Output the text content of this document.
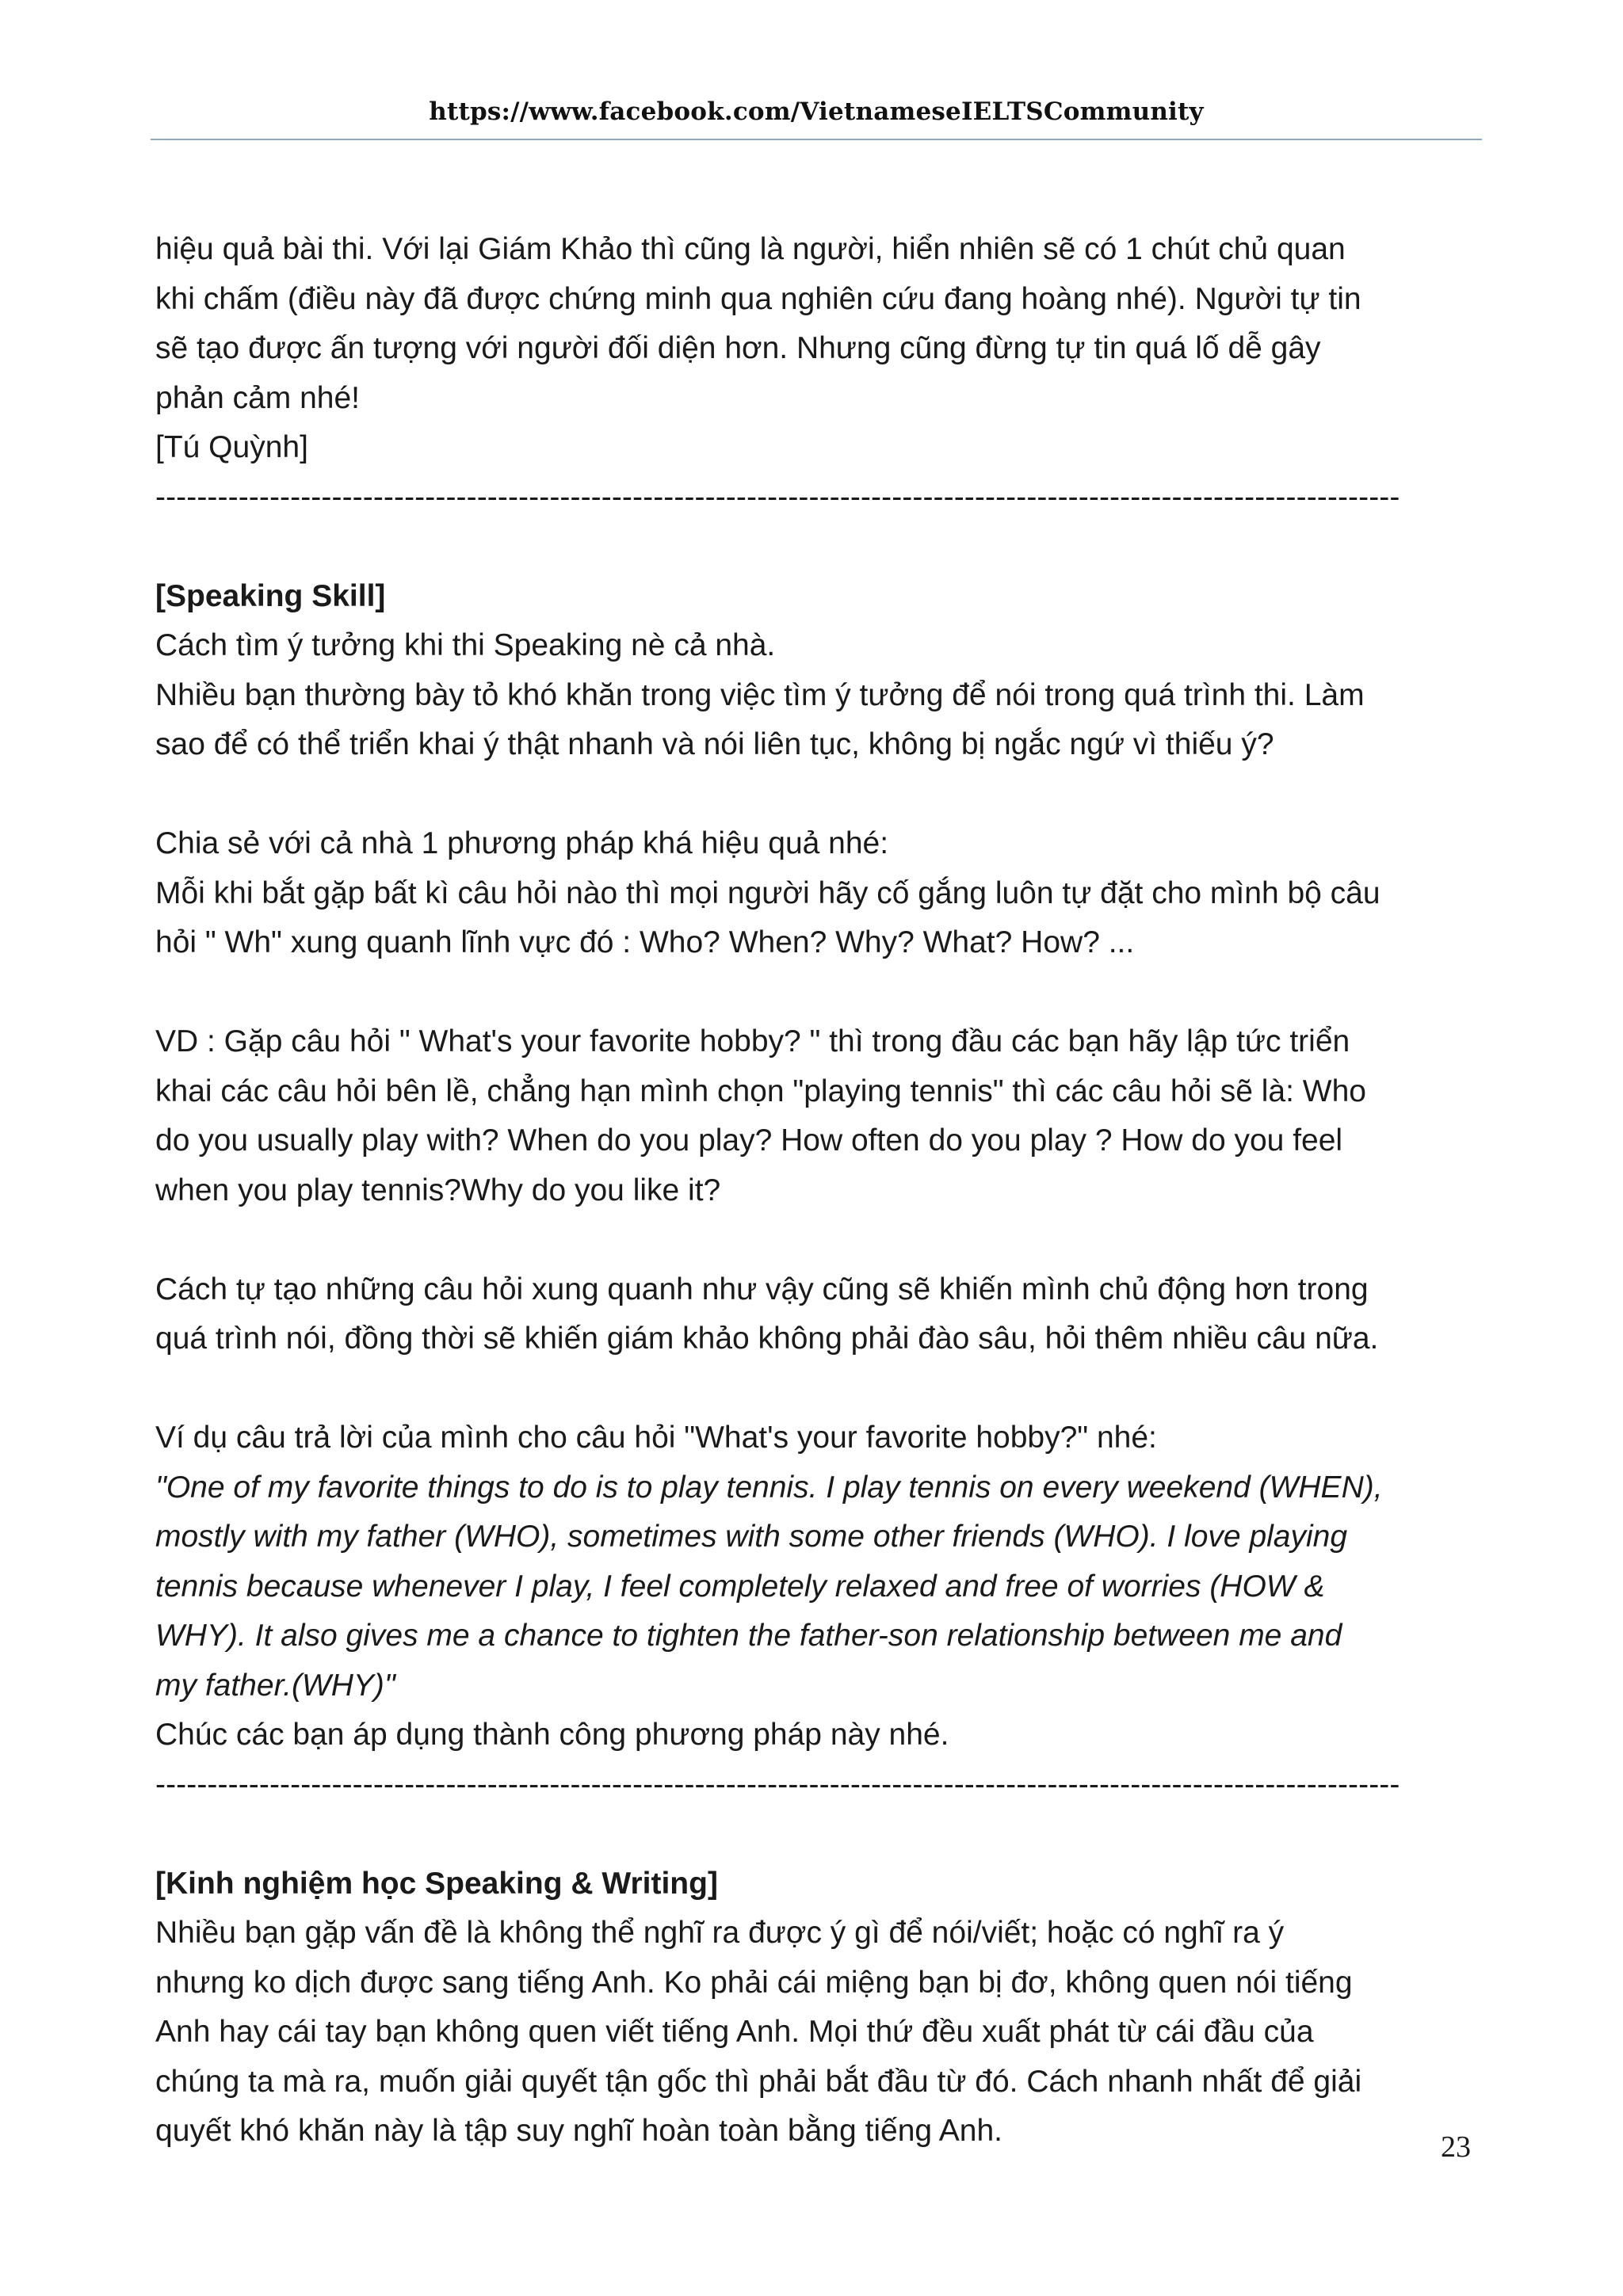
https://www.facebook.com/VietnameseIELTSCommunity
hiệu quả bài thi. Với lại Giám Khảo thì cũng là người, hiển nhiên sẽ có 1 chút chủ quan
khi chấm (điều này đã được chứng minh qua nghiên cứu đang hoàng nhé). Người tự tin
sẽ tạo được ấn tượng với người đối diện hơn. Nhưng cũng đừng tự tin quá lố dễ gây
phản cảm nhé!
[Tú Quỳnh]
------------------------------------------------------------------------------------------------------------------------
[Speaking Skill]
Cách tìm ý tưởng khi thi Speaking nè cả nhà.
Nhiều bạn thường bày tỏ khó khăn trong việc tìm ý tưởng để nói trong quá trình thi. Làm
sao để có thể triển khai ý thật nhanh và nói liên tục, không bị ngắc ngứ vì thiếu ý?
Chia sẻ với cả nhà 1 phương pháp khá hiệu quả nhé:
Mỗi khi bắt gặp bất kì câu hỏi nào thì mọi người hãy cố gắng luôn tự đặt cho mình bộ câu
hỏi " Wh" xung quanh lĩnh vực đó : Who? When? Why? What? How? ...
VD : Gặp câu hỏi " What's your favorite hobby? " thì trong đầu các bạn hãy lập tức triển
khai các câu hỏi bên lề, chẳng hạn mình chọn "playing tennis" thì các câu hỏi sẽ là: Who
do you usually play with? When do you play? How often do you play ? How do you feel
when you play tennis?Why do you like it?
Cách tự tạo những câu hỏi xung quanh như vậy cũng sẽ khiến mình chủ động hơn trong
quá trình nói, đồng thời sẽ khiến giám khảo không phải đào sâu, hỏi thêm nhiều câu nữa.
Ví dụ câu trả lời của mình cho câu hỏi "What's your favorite hobby?" nhé:
"One of my favorite things to do is to play tennis. I play tennis on every weekend (WHEN),
mostly with my father (WHO), sometimes with some other friends (WHO). I love playing
tennis because whenever I play, I feel completely relaxed and free of worries (HOW &
WHY). It also gives me a chance to tighten the father-son relationship between me and
my father.(WHY)"
Chúc các bạn áp dụng thành công phương pháp này nhé.
------------------------------------------------------------------------------------------------------------------------
[Kinh nghiệm học Speaking & Writing]
Nhiều bạn gặp vấn đề là không thể nghĩ ra được ý gì để nói/viết; hoặc có nghĩ ra ý
nhưng ko dịch được sang tiếng Anh. Ko phải cái miệng bạn bị đơ, không quen nói tiếng
Anh hay cái tay bạn không quen viết tiếng Anh. Mọi thứ đều xuất phát từ cái đầu của
chúng ta mà ra, muốn giải quyết tận gốc thì phải bắt đầu từ đó. Cách nhanh nhất để giải
quyết khó khăn này là tập suy nghĩ hoàn toàn bằng tiếng Anh.	23
